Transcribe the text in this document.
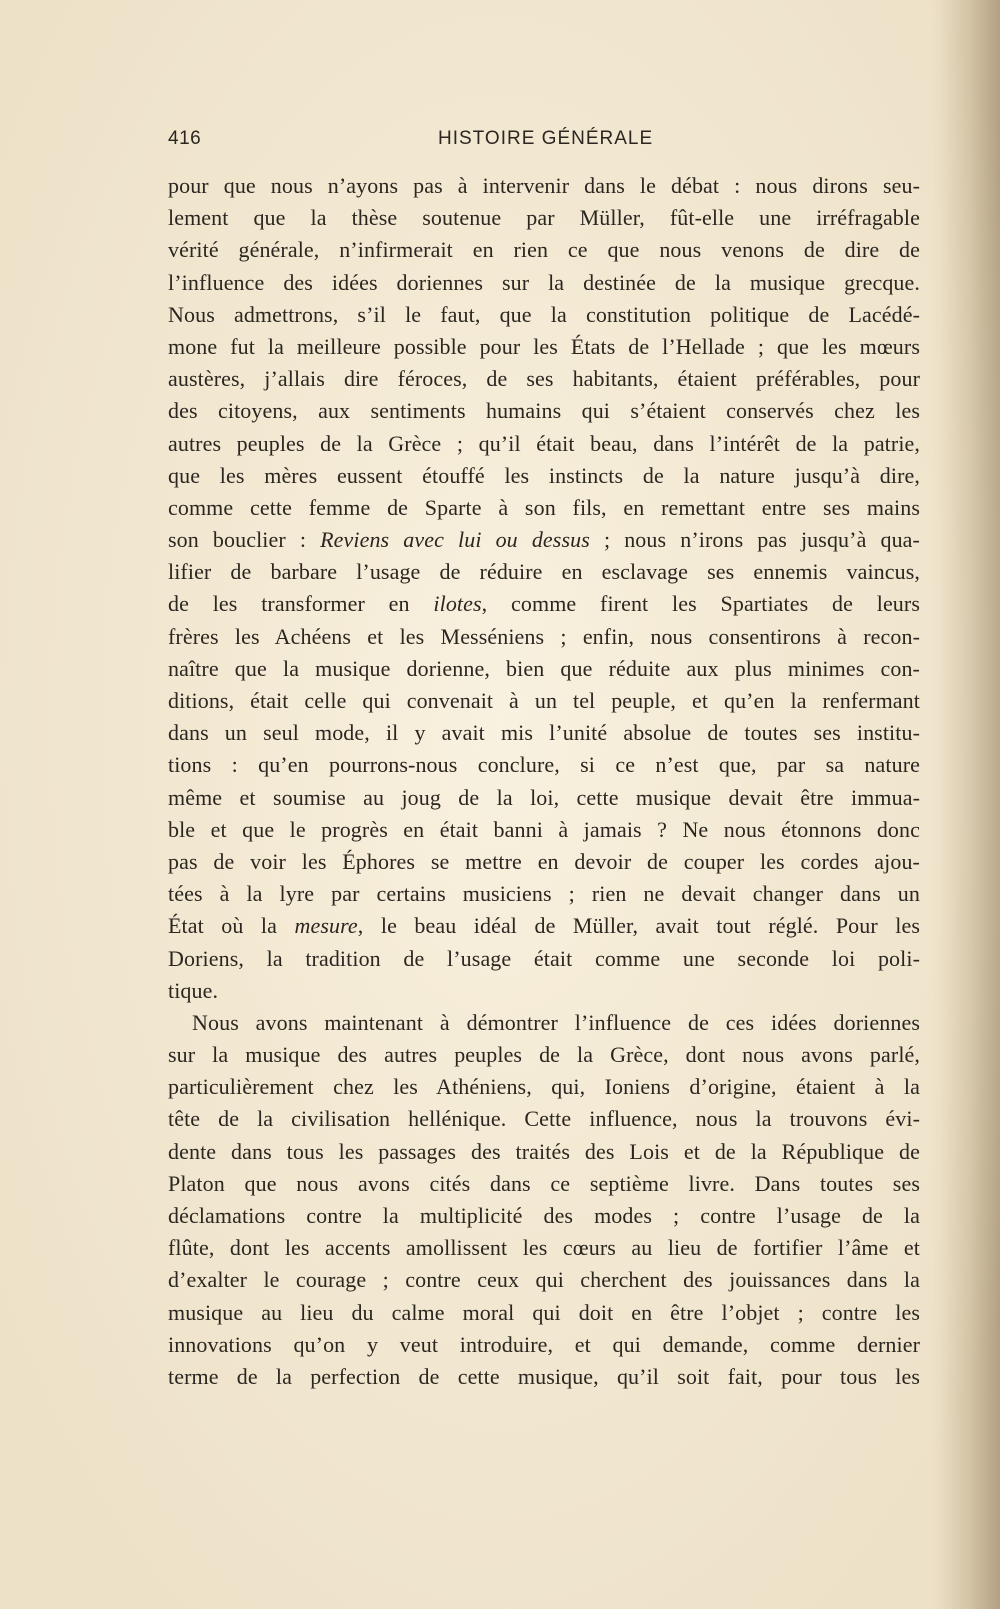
416	HISTOIRE GÉNÉRALE
pour que nous n’ayons pas à intervenir dans le débat : nous dirons seu-
lement que la thèse soutenue par Müller, fût-elle une irréfragable
vérité générale, n’infirmerait en rien ce que nous venons de dire de
l’influence des idées doriennes sur la destinée de la musique grecque.
Nous admettrons, s’il le faut, que la constitution politique de Lacédé-
mone fut la meilleure possible pour les États de l’Hellade ; que les mœurs
austères, j’allais dire féroces, de ses habitants, étaient préférables, pour
des citoyens, aux sentiments humains qui s’étaient conservés chez les
autres peuples de la Grèce ; qu’il était beau, dans l’intérêt de la patrie,
que les mères eussent étouffé les instincts de la nature jusqu’à dire,
comme cette femme de Sparte à son fils, en remettant entre ses mains
son bouclier : Reviens avec lui ou dessus ; nous n’irons pas jusqu’à qua-
lifier de barbare l’usage de réduire en esclavage ses ennemis vaincus,
de les transformer en ilotes, comme firent les Spartiates de leurs
frères les Achéens et les Messéniens ; enfin, nous consentirons à recon-
naître que la musique dorienne, bien que réduite aux plus minimes con-
ditions, était celle qui convenait à un tel peuple, et qu’en la renfermant
dans un seul mode, il y avait mis l’unité absolue de toutes ses institu-
tions : qu’en pourrons-nous conclure, si ce n’est que, par sa nature
même et soumise au joug de la loi, cette musique devait être immua-
ble et que le progrès en était banni à jamais ? Ne nous étonnons donc
pas de voir les Éphores se mettre en devoir de couper les cordes ajou-
tées à la lyre par certains musiciens ; rien ne devait changer dans un
État où la mesure, le beau idéal de Müller, avait tout réglé. Pour les
Doriens, la tradition de l’usage était comme une seconde loi poli-
tique.
Nous avons maintenant à démontrer l’influence de ces idées doriennes
sur la musique des autres peuples de la Grèce, dont nous avons parlé,
particulièrement chez les Athéniens, qui, Ioniens d’origine, étaient à la
tête de la civilisation hellénique. Cette influence, nous la trouvons évi-
dente dans tous les passages des traités des Lois et de la République de
Platon que nous avons cités dans ce septième livre. Dans toutes ses
déclamations contre la multiplicité des modes ; contre l’usage de la
flûte, dont les accents amollissent les cœurs au lieu de fortifier l’âme et
d’exalter le courage ; contre ceux qui cherchent des jouissances dans la
musique au lieu du calme moral qui doit en être l’objet ; contre les
innovations qu’on y veut introduire, et qui demande, comme dernier
terme de la perfection de cette musique, qu’il soit fait, pour tous les
